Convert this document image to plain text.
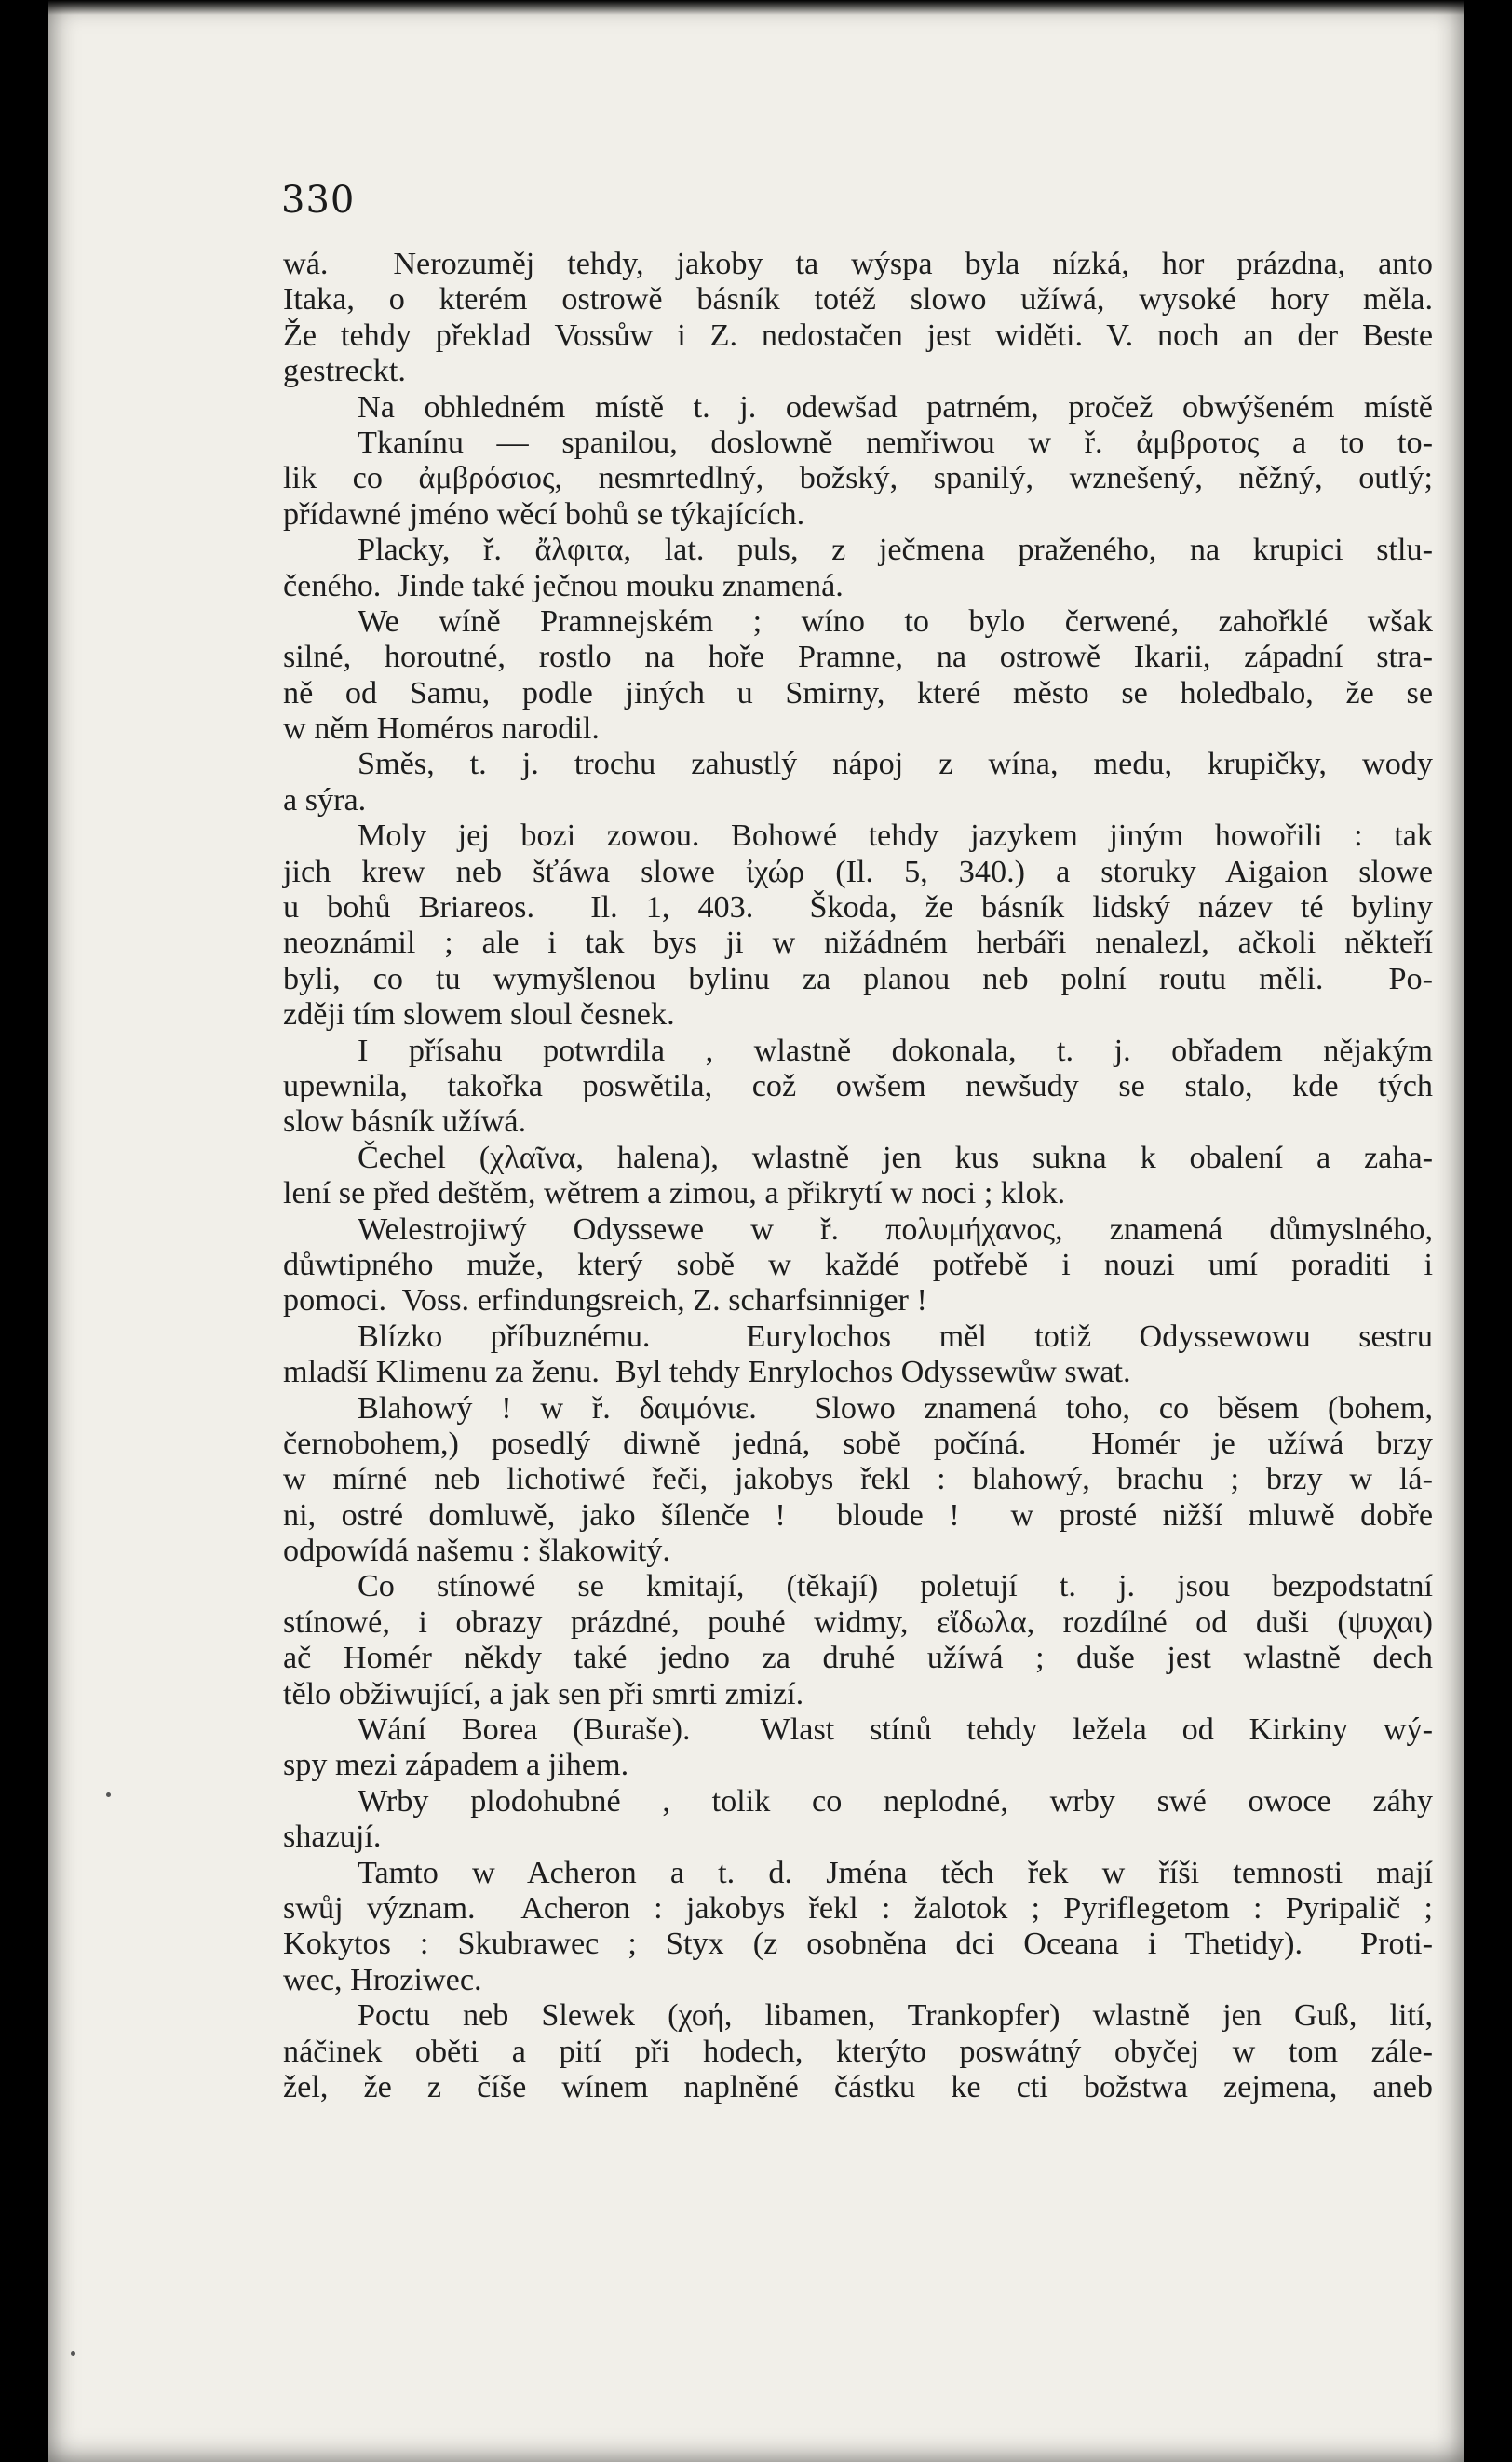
330
wá.  Nerozuměj tehdy, jakoby ta wýspa byla nízká, hor prázdna, anto
Itaka, o kterém ostrowě básník totéž slowo užíwá, wysoké hory měla.
Že tehdy překlad Vossůw i Z. nedostačen jest widěti. V. noch an der Beste
gestreckt.
Na obhledném místě t. j. odewšad patrném, pročež obwýšeném místě
Tkanínu — spanilou, doslowně nemřiwou w ř. ἀμβροτος a to to-
lik co ἀμβρόσιος, nesmrtedlný, božský, spanilý, wznešený, něžný, outlý;
přídawné jméno wěcí bohů se týkajících.
Placky, ř. ἄλφιτα, lat. puls, z ječmena praženého, na krupici stlu-
čeného.  Jinde také ječnou mouku znamená.
We wíně Pramnejském ; wíno to bylo čerwené, zahořklé wšak
silné, horoutné, rostlo na hoře Pramne, na ostrowě Ikarii, západní stra-
ně od Samu, podle jiných u Smirny, které město se holedbalo, že se
w něm Homéros narodil.
Směs, t. j. trochu zahustlý nápoj z wína, medu, krupičky, wody
a sýra.
Moly jej bozi zowou. Bohowé tehdy jazykem jiným howořili : tak
jich krew neb šťáwa slowe ἰχώρ (Il. 5, 340.) a storuky Aigaion slowe
u bohů Briareos.  Il. 1, 403.  Škoda, že básník lidský název té byliny
neoznámil ; ale i tak bys ji w nižádném herbáři nenalezl, ačkoli někteří
byli, co tu wymyšlenou bylinu za planou neb polní routu měli.  Po-
zději tím slowem sloul česnek.
I přísahu potwrdila , wlastně dokonala, t. j. obřadem nějakým
upewnila, takořka poswětila, což owšem newšudy se stalo, kde tých
slow básník užíwá.
Čechel (χλαῖνα, halena), wlastně jen kus sukna k obalení a zaha-
lení se před deštěm, wětrem a zimou, a přikrytí w noci ; klok.
Welestrojiwý Odyssewe w ř. πολυμήχανος, znamená důmyslného,
důwtipného muže, který sobě w každé potřebě i nouzi umí poraditi i
pomoci.  Voss. erfindungsreich, Z. scharfsinniger !
Blízko příbuznému.  Eurylochos měl totiž Odyssewowu sestru
mladší Klimenu za ženu.  Byl tehdy Enrylochos Odyssewůw swat.
Blahowý ! w ř. δαιμόνιε.  Slowo znamená toho, co běsem (bohem,
černobohem,) posedlý diwně jedná, sobě počíná.  Homér je užíwá brzy
w mírné neb lichotiwé řeči, jakobys řekl : blahowý, brachu ; brzy w lá-
ni, ostré domluwě, jako šílenče !  bloude !  w prosté nižší mluwě dobře
odpowídá našemu : šlakowitý.
Co stínowé se kmitají, (těkají) poletují t. j. jsou bezpodstatní
stínowé, i obrazy prázdné, pouhé widmy, εἴδωλα, rozdílné od duši (ψυχαι)
ač Homér někdy také jedno za druhé užíwá ; duše jest wlastně dech
tělo obžiwující, a jak sen při smrti zmizí.
Wání Borea (Buraše).  Wlast stínů tehdy ležela od Kirkiny wý-
spy mezi západem a jihem.
Wrby plodohubné , tolik co neplodné, wrby swé owoce záhy
shazují.
Tamto w Acheron a t. d. Jména těch řek w říši temnosti mají
swůj význam.  Acheron : jakobys řekl : žalotok ; Pyriflegetom : Pyripalič ;
Kokytos : Skubrawec ; Styx (z osobněna dci Oceana i Thetidy).  Proti-
wec, Hroziwec.
Poctu neb Slewek (χοή, libamen, Trankopfer) wlastně jen Guß, lití,
náčinek oběti a pití při hodech, kterýto poswátný obyčej w tom zále-
žel, že z číše wínem naplněné částku ke cti božstwa zejmena, aneb
